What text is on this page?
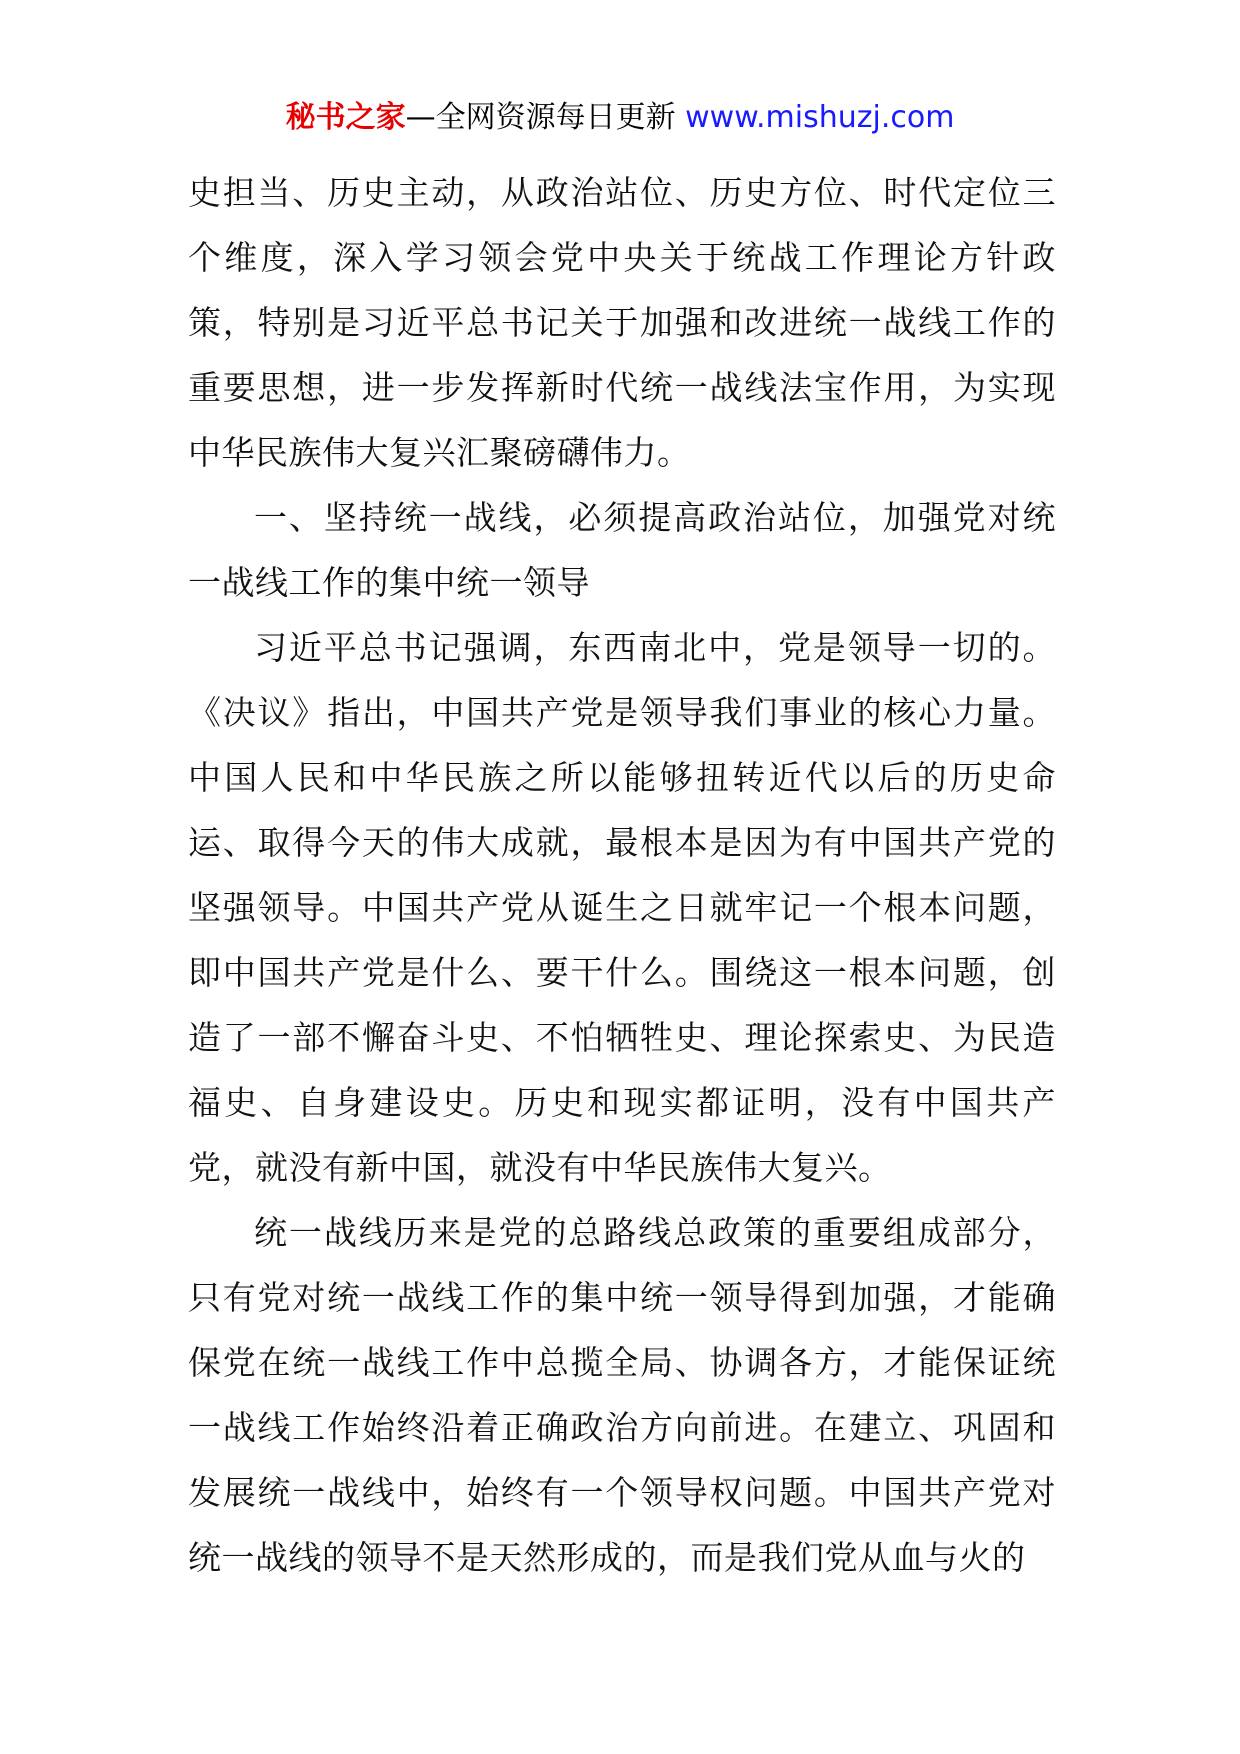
秘书之家—全网资源每日更新 www.mishuzj.com

史担当、历史主动，从政治站位、历史方位、时代定位三个维度，深入学习领会党中央关于统战工作理论方针政策，特别是习近平总书记关于加强和改进统一战线工作的重要思想，进一步发挥新时代统一战线法宝作用，为实现中华民族伟大复兴汇聚磅礴伟力。

一、坚持统一战线，必须提高政治站位，加强党对统一战线工作的集中统一领导

习近平总书记强调，东西南北中，党是领导一切的。《决议》指出，中国共产党是领导我们事业的核心力量。中国人民和中华民族之所以能够扭转近代以后的历史命运、取得今天的伟大成就，最根本是因为有中国共产党的坚强领导。中国共产党从诞生之日就牢记一个根本问题，即中国共产党是什么、要干什么。围绕这一根本问题，创造了一部不懈奋斗史、不怕牺牲史、理论探索史、为民造福史、自身建设史。历史和现实都证明，没有中国共产党，就没有新中国，就没有中华民族伟大复兴。

统一战线历来是党的总路线总政策的重要组成部分，只有党对统一战线工作的集中统一领导得到加强，才能确保党在统一战线工作中总揽全局、协调各方，才能保证统一战线工作始终沿着正确政治方向前进。在建立、巩固和发展统一战线中，始终有一个领导权问题。中国共产党对统一战线的领导不是天然形成的，而是我们党从血与火的
